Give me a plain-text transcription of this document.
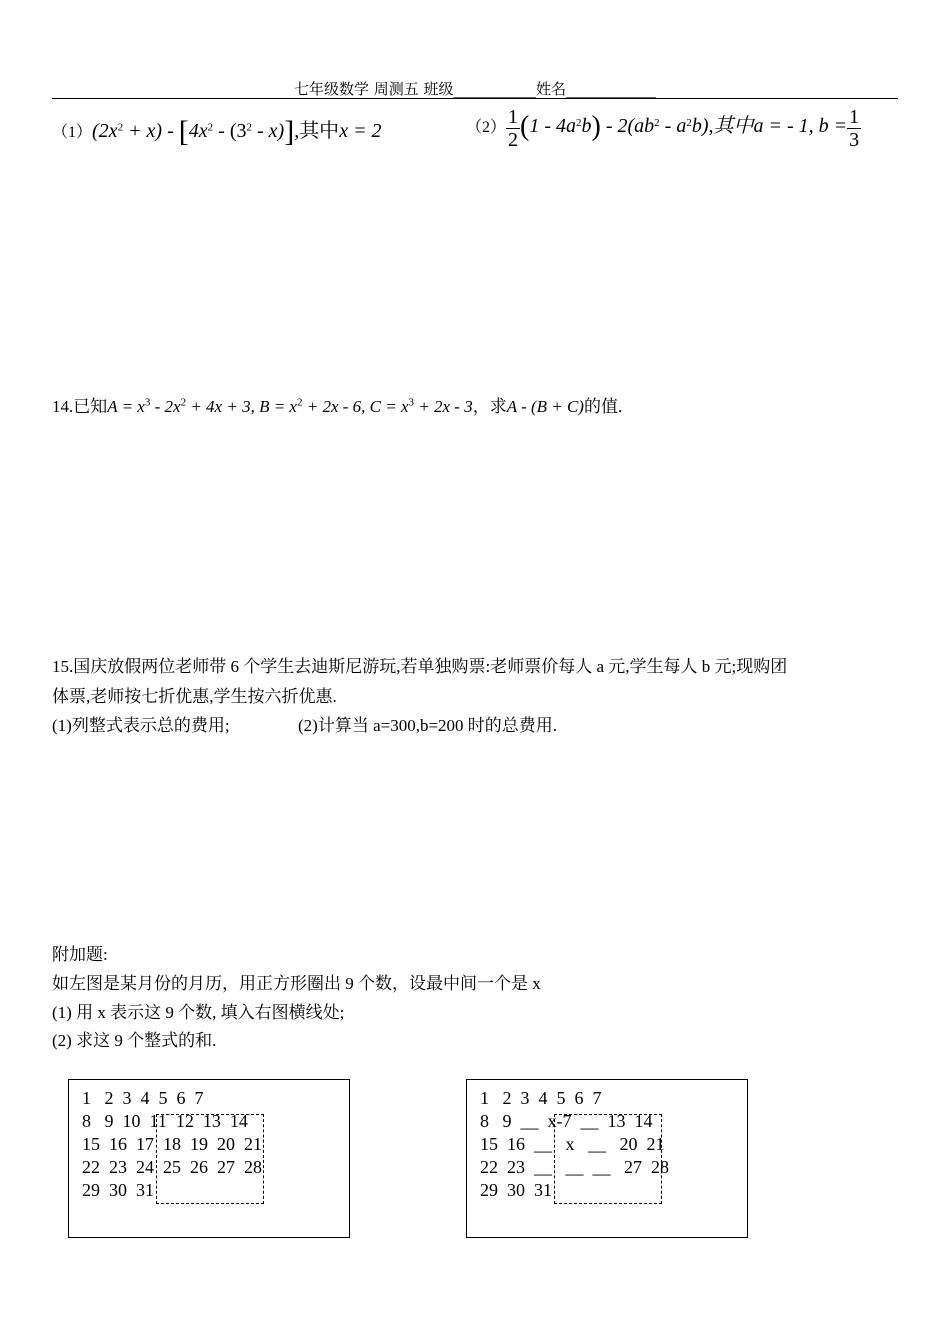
七年级数学 周测五 班级___________姓名____________
$(1)(2x^2 + x) - [4x^2 - (3^2 - x)]$,其中x = 2	$(2) \frac{1}{2} (1 - 4a^2b) - 2(ab^2 - a^2b)$,其中a = - 1, $b = \frac{1}{3}$
14.已知$A = x^3 - 2x^2 + 4x + 3$, $B = x^2 + 2x - 6$, $C = x^3 + 2x - 3$，求A - (B + C)的值.
15.国庆放假两位老师带 6 个学生去迪斯尼游玩,若单独购票:老师票价每人 a 元,学生每人 b 元;现购团
体票,老师按七折优惠,学生按六折优惠.
(1)列整式表示总的费用;	(2)计算当 a=300,b=200 时的总费用.
附加题:
如左图是某月份的月历，用正方形圈出 9 个数，设最中间一个是 x
(1) 用 x 表示这 9 个数, 填入右图横线处;
(2) 求这 9 个整式的和.
1   2  3  4  5  6  7
8   9  10  11  12  13  14
15  16  17  18  19  20  21
22  23  24  25  26  27  28
29  30  31
1   2  3  4  5  6  7
8   9  __  x-7  __  13  14
15  16  __   x   __   20  21
22  23  __   __  __   27  28
29  30  31
